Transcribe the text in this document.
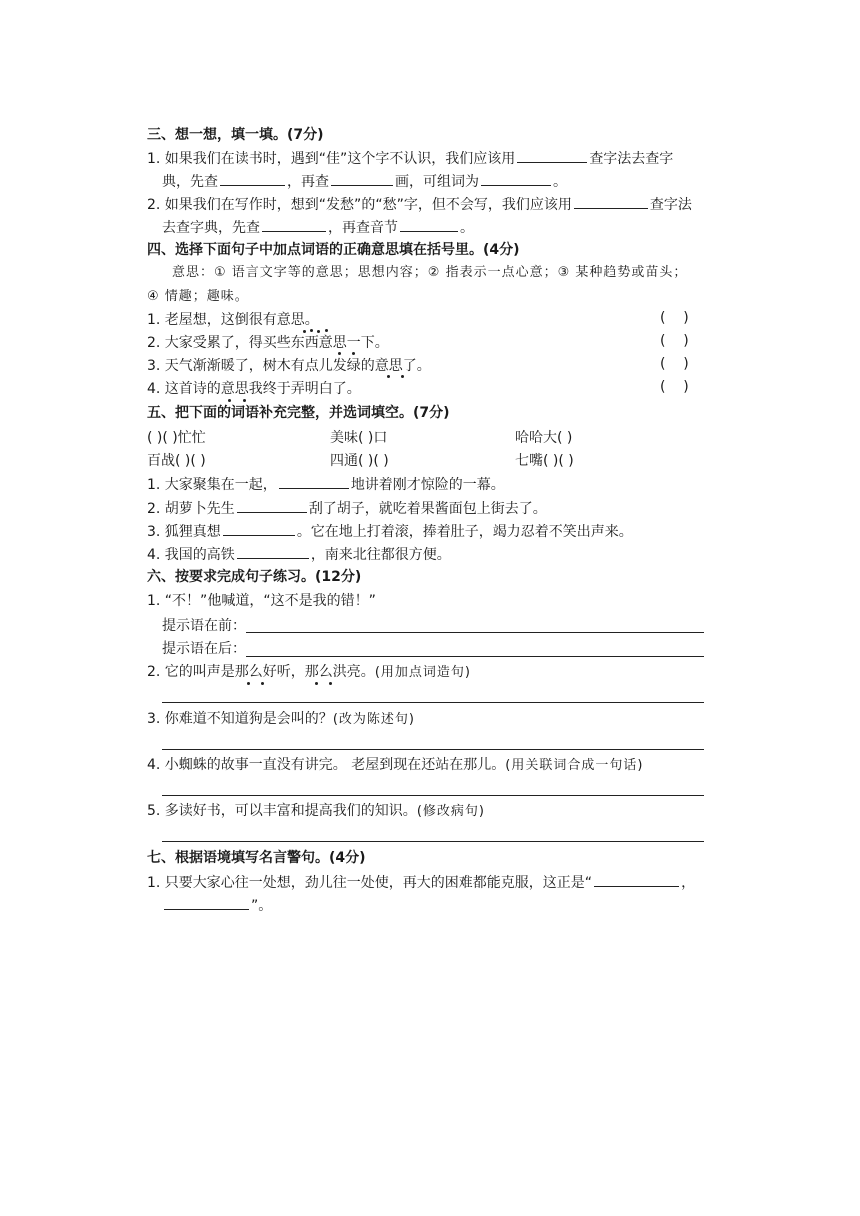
三、想一想，填一填。(7分)
1. 如果我们在读书时，遇到“佳”这个字不认识，我们应该用	查字法去查字
典，先查	，再查	画，可组词为	。
2. 如果我们在写作时，想到“发愁”的“愁”字，但不会写，我们应该用	查字法
去查字典，先查	，再查音节	。
四、选择下面句子中加点词语的正确意思填在括号里。(4分)
意思：① 语言文字等的意思；思想内容；② 指表示一点心意；③ 某种趋势或苗头；
④ 情趣；趣味。
1. 老屋想，这倒很有意思。	(    )
2. 大家受累了，得买些东西意思一下。	(    )
3. 天气渐渐暖了，树木有点儿发绿的意思了。	(    )
4. 这首诗的意思我终于弄明白了。	(    )
五、把下面的词语补充完整，并选词填空。(7分)
( )( )忙忙	美味( )口	哈哈大( )
百战( )( )	四通( )( )	七嘴( )( )
1. 大家聚集在一起，	地讲着刚才惊险的一幕。
2. 胡萝卜先生	刮了胡子，就吃着果酱面包上街去了。
3. 狐狸真想	。它在地上打着滚，捧着肚子，竭力忍着不笑出声来。
4. 我国的高铁	，南来北往都很方便。
六、按要求完成句子练习。(12分)
1. “不！”他喊道，“这不是我的错！”
提示语在前：
提示语在后：
2. 它的叫声是那么好听，那么洪亮。(用加点词造句)
3. 你难道不知道狗是会叫的？(改为陈述句)
4. 小蜘蛛的故事一直没有讲完。 老屋到现在还站在那儿。(用关联词合成一句话)
5. 多读好书，可以丰富和提高我们的知识。(修改病句)
七、根据语境填写名言警句。(4分)
1. 只要大家心往一处想，劲儿往一处使，再大的困难都能克服，这正是“	，
”。
